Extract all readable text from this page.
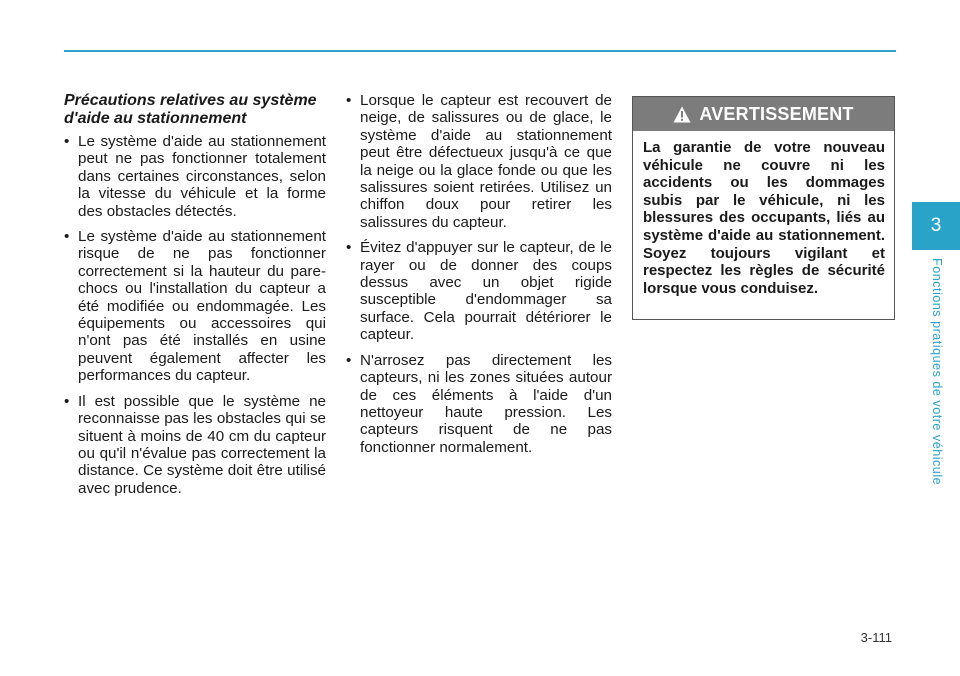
Précautions relatives au système d'aide au stationnement
• Le système d'aide au stationnement peut ne pas fonctionner totalement dans certaines circonstances, selon la vitesse du véhicule et la forme des obstacles détectés.
• Le système d'aide au stationnement risque de ne pas fonctionner correctement si la hauteur du pare-chocs ou l'installation du capteur a été modifiée ou endommagée. Les équipements ou accessoires qui n'ont pas été installés en usine peuvent également affecter les performances du capteur.
• Il est possible que le système ne reconnaisse pas les obstacles qui se situent à moins de 40 cm du capteur ou qu'il n'évalue pas correctement la distance. Ce système doit être utilisé avec prudence.
• Lorsque le capteur est recouvert de neige, de salissures ou de glace, le système d'aide au stationnement peut être défectueux jusqu'à ce que la neige ou la glace fonde ou que les salissures soient retirées. Utilisez un chiffon doux pour retirer les salissures du capteur.
• Évitez d'appuyer sur le capteur, de le rayer ou de donner des coups dessus avec un objet rigide susceptible d'endommager sa surface. Cela pourrait détériorer le capteur.
• N'arrosez pas directement les capteurs, ni les zones situées autour de ces éléments à l'aide d'un nettoyeur haute pression. Les capteurs risquent de ne pas fonctionner normalement.
AVERTISSEMENT
La garantie de votre nouveau véhicule ne couvre ni les accidents ou les dommages subis par le véhicule, ni les blessures des occupants, liés au système d'aide au stationnement. Soyez toujours vigilant et respectez les règles de sécurité lorsque vous conduisez.
3
Fonctions pratiques de votre véhicule
3-111
